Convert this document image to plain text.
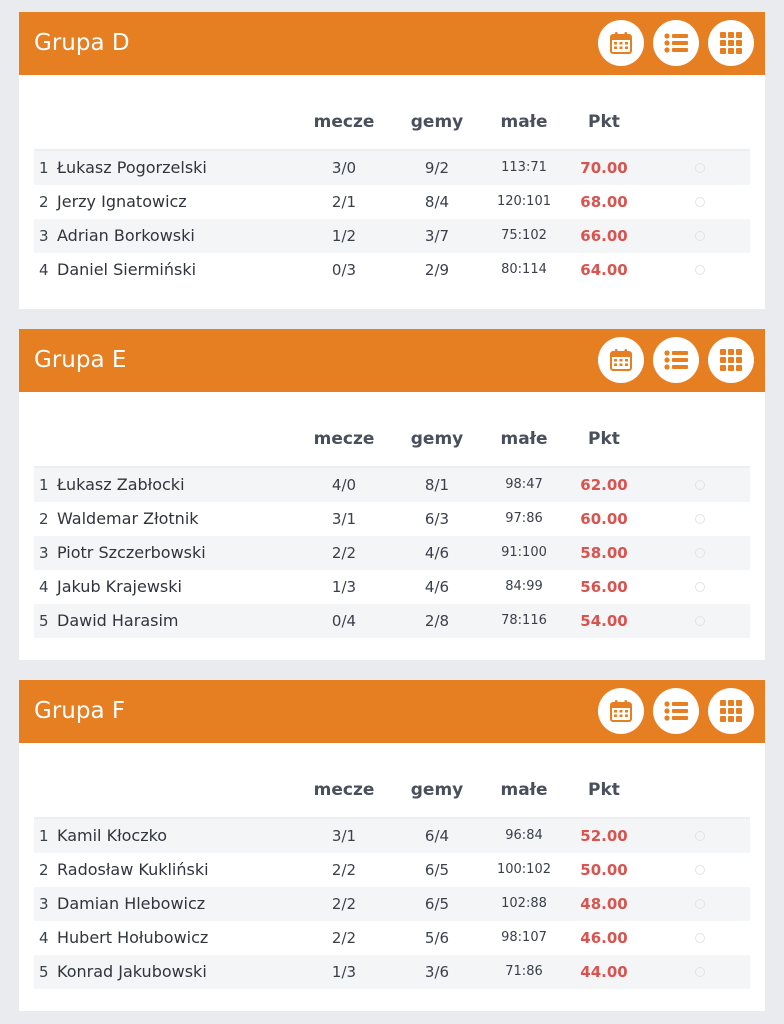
Grupa D
mecze	gemy	małe	Pkt
1 Łukasz Pogorzelski	3/0	9/2	113:71	70.00
2 Jerzy Ignatowicz	2/1	8/4	120:101	68.00
3 Adrian Borkowski	1/2	3/7	75:102	66.00
4 Daniel Siermiński	0/3	2/9	80:114	64.00
Grupa E
mecze	gemy	małe	Pkt
1 Łukasz Zabłocki	4/0	8/1	98:47	62.00
2 Waldemar Złotnik	3/1	6/3	97:86	60.00
3 Piotr Szczerbowski	2/2	4/6	91:100	58.00
4 Jakub Krajewski	1/3	4/6	84:99	56.00
5 Dawid Harasim	0/4	2/8	78:116	54.00
Grupa F
mecze	gemy	małe	Pkt
1 Kamil Kłoczko	3/1	6/4	96:84	52.00
2 Radosław Kukliński	2/2	6/5	100:102	50.00
3 Damian Hlebowicz	2/2	6/5	102:88	48.00
4 Hubert Hołubowicz	2/2	5/6	98:107	46.00
5 Konrad Jakubowski	1/3	3/6	71:86	44.00
